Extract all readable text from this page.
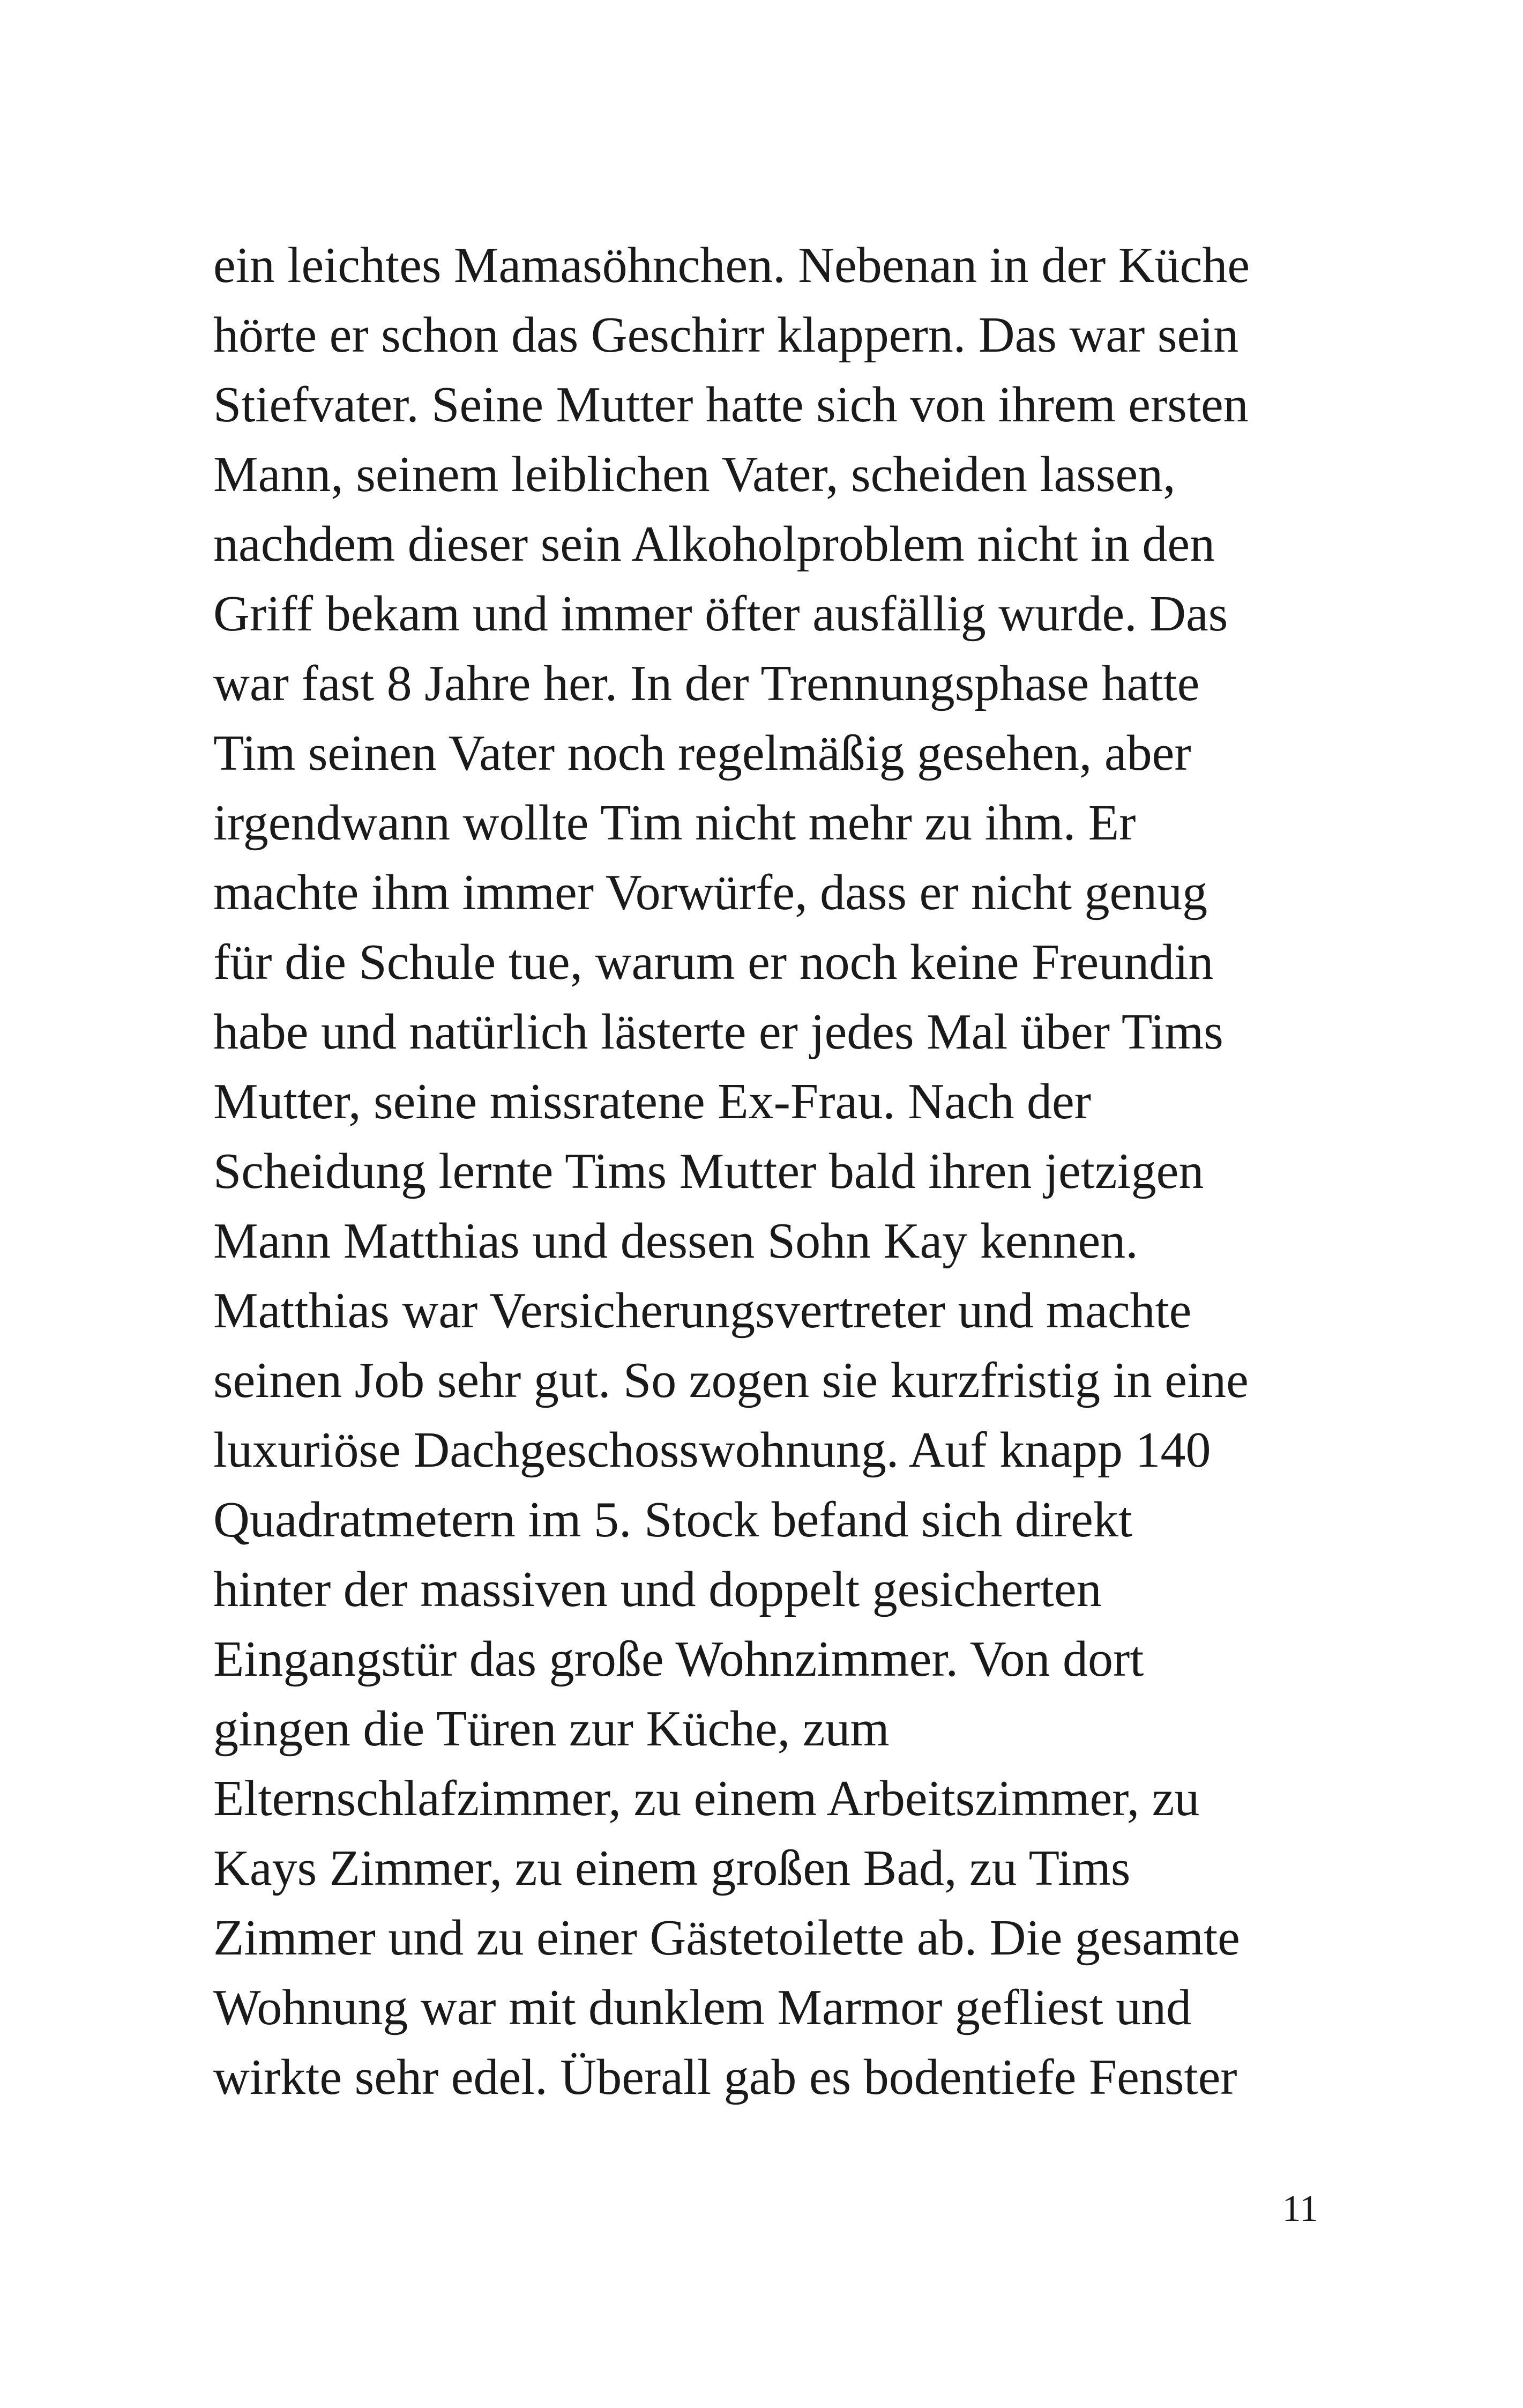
ein leichtes Mamasöhnchen. Nebenan in der Küche
hörte er schon das Geschirr klappern. Das war sein
Stiefvater. Seine Mutter hatte sich von ihrem ersten
Mann, seinem leiblichen Vater, scheiden lassen,
nachdem dieser sein Alkoholproblem nicht in den
Griff bekam und immer öfter ausfällig wurde. Das
war fast 8 Jahre her. In der Trennungsphase hatte
Tim seinen Vater noch regelmäßig gesehen, aber
irgendwann wollte Tim nicht mehr zu ihm. Er
machte ihm immer Vorwürfe, dass er nicht genug
für die Schule tue, warum er noch keine Freundin
habe und natürlich lästerte er jedes Mal über Tims
Mutter, seine missratene Ex-Frau. Nach der
Scheidung lernte Tims Mutter bald ihren jetzigen
Mann Matthias und dessen Sohn Kay kennen.
Matthias war Versicherungsvertreter und machte
seinen Job sehr gut. So zogen sie kurzfristig in eine
luxuriöse Dachgeschosswohnung. Auf knapp 140
Quadratmetern im 5. Stock befand sich direkt
hinter der massiven und doppelt gesicherten
Eingangstür das große Wohnzimmer. Von dort
gingen die Türen zur Küche, zum
Elternschlafzimmer, zu einem Arbeitszimmer, zu
Kays Zimmer, zu einem großen Bad, zu Tims
Zimmer und zu einer Gästetoilette ab. Die gesamte
Wohnung war mit dunklem Marmor gefliest und
wirkte sehr edel. Überall gab es bodentiefe Fenster
11
